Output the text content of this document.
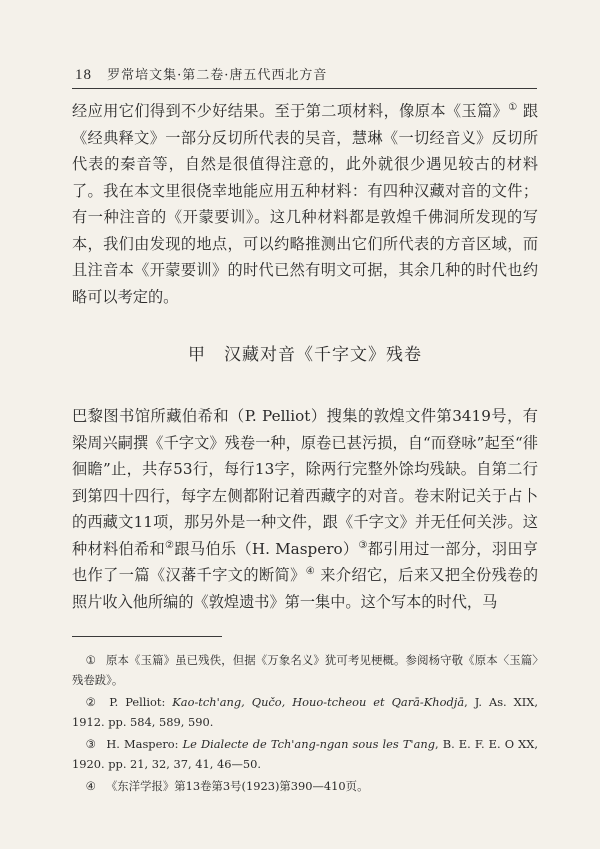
18 罗常培文集·第二卷·唐五代西北方音

经应用它们得到不少好结果。至于第二项材料，像原本《玉篇》① 跟《经典释文》一部分反切所代表的吴音，慧琳《一切经音义》反切所代表的秦音等，自然是很值得注意的，此外就很少遇见较古的材料了。我在本文里很侥幸地能应用五种材料：有四种汉藏对音的文件；有一种注音的《开蒙要训》。这几种材料都是敦煌千佛洞所发现的写本，我们由发现的地点，可以约略推测出它们所代表的方音区域，而且注音本《开蒙要训》的时代已然有明文可据，其余几种的时代也约略可以考定的。

甲　汉藏对音《千字文》残卷

巴黎图书馆所藏伯希和（P. Pelliot）搜集的敦煌文件第3419号，有梁周兴嗣撰《千字文》残卷一种，原卷已甚污损，自“而登咏”起至“徘徊瞻”止，共存53行，每行13字，除两行完整外馀均残缺。自第二行到第四十四行，每字左侧都附记着西藏字的对音。卷末附记关于占卜的西藏文11项，那另外是一种文件，跟《千字文》并无任何关涉。这种材料伯希和②跟马伯乐（H. Maspero）③都引用过一部分，羽田亨也作了一篇《汉蕃千字文的断简》④ 来介绍它，后来又把全份残卷的照片收入他所编的《敦煌遗书》第一集中。这个写本的时代，马

① 原本《玉篇》虽已残佚，但据《万象名义》犹可考见梗概。参阅杨守敬《原本〈玉篇〉残卷跋》。

② P. Pelliot: Kao-tch'ang, Qučo, Houo-tcheou et Qarā-Khodjā, J. As. XIX, 1912. pp. 584, 589, 590.

③ H. Maspero: Le Dialecte de Tch'ang-ngan sous les T'ang, B. E. F. E. O XX, 1920. pp. 21, 32, 37, 41, 46—50.

④ 《东洋学报》第13卷第3号(1923)第390—410页。
